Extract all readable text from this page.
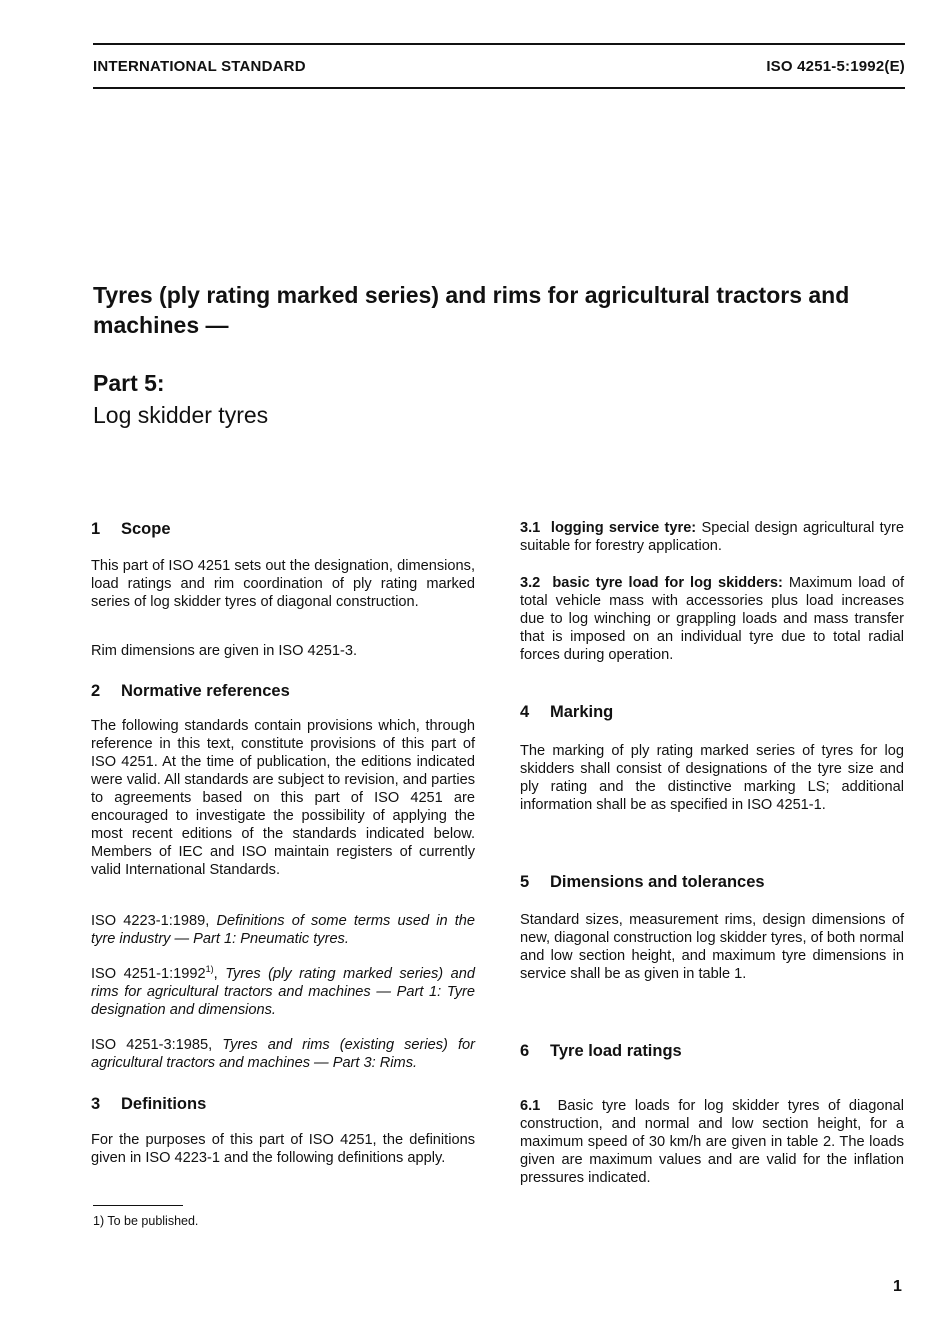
INTERNATIONAL STANDARD	ISO 4251-5:1992(E)
Tyres (ply rating marked series) and rims for agricultural tractors and machines —
Part 5:
Log skidder tyres
1 Scope

This part of ISO 4251 sets out the designation, dimensions, load ratings and rim coordination of ply rating marked series of log skidder tyres of diagonal construction.

Rim dimensions are given in ISO 4251-3.

2 Normative references

The following standards contain provisions which, through reference in this text, constitute provisions of this part of ISO 4251. At the time of publication, the editions indicated were valid. All standards are subject to revision, and parties to agreements based on this part of ISO 4251 are encouraged to investigate the possibility of applying the most recent editions of the standards indicated below. Members of IEC and ISO maintain registers of currently valid International Standards.

ISO 4223-1:1989, Definitions of some terms used in the tyre industry — Part 1: Pneumatic tyres.

ISO 4251-1:1992$^{1)}$, Tyres (ply rating marked series) and rims for agricultural tractors and machines — Part 1: Tyre designation and dimensions.

ISO 4251-3:1985, Tyres and rims (existing series) for agricultural tractors and machines — Part 3: Rims.

3 Definitions

For the purposes of this part of ISO 4251, the definitions given in ISO 4223-1 and the following definitions apply.

3.1 logging service tyre: Special design agricultural tyre suitable for forestry application.

3.2 basic tyre load for log skidders: Maximum load of total vehicle mass with accessories plus load increases due to log winching or grappling loads and mass transfer that is imposed on an individual tyre due to total radial forces during operation.

4 Marking

The marking of ply rating marked series of tyres for log skidders shall consist of designations of the tyre size and ply rating and the distinctive marking LS; additional information shall be as specified in ISO 4251-1.

5 Dimensions and tolerances

Standard sizes, measurement rims, design dimensions of new, diagonal construction log skidder tyres, of both normal and low section height, and maximum tyre dimensions in service shall be as given in table 1.

6 Tyre load ratings

6.1 Basic tyre loads for log skidder tyres of diagonal construction, and normal and low section height, for a maximum speed of 30 km/h are given in table 2. The loads given are maximum values and are valid for the inflation pressures indicated.

1) To be published.
1
